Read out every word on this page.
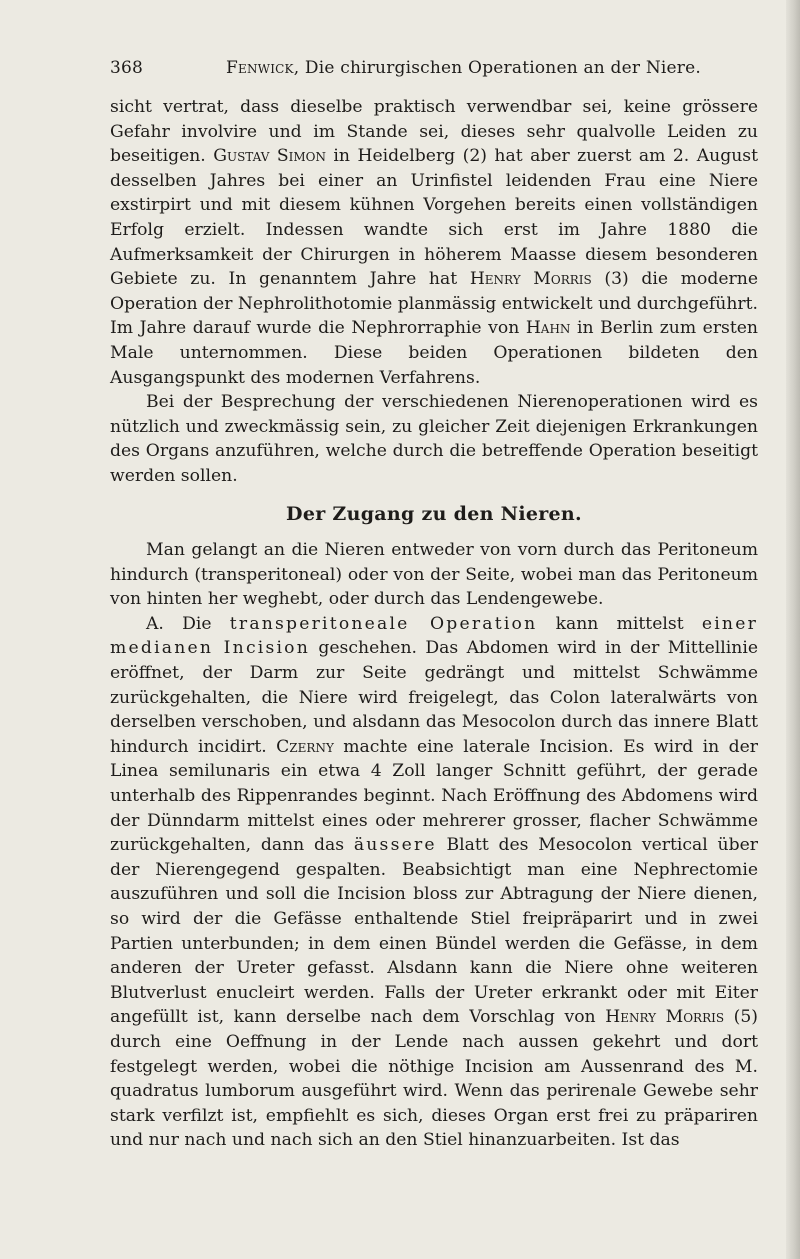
368	Fenwick, Die chirurgischen Operationen an der Niere.

sicht vertrat, dass dieselbe praktisch verwendbar sei, keine grössere Gefahr involvire und im Stande sei, dieses sehr qualvolle Leiden zu beseitigen. Gustav Simon in Heidelberg (2) hat aber zuerst am 2. August desselben Jahres bei einer an Urinfistel leidenden Frau eine Niere exstirpirt und mit diesem kühnen Vorgehen bereits einen vollständigen Erfolg erzielt. Indessen wandte sich erst im Jahre 1880 die Aufmerksamkeit der Chirurgen in höherem Maasse diesem besonderen Gebiete zu. In genanntem Jahre hat Henry Morris (3) die moderne Operation der Nephrolithotomie planmässig entwickelt und durchgeführt. Im Jahre darauf wurde die Nephrorraphie von Hahn in Berlin zum ersten Male unternommen. Diese beiden Operationen bildeten den Ausgangspunkt des modernen Verfahrens.

Bei der Besprechung der verschiedenen Nierenoperationen wird es nützlich und zweckmässig sein, zu gleicher Zeit diejenigen Erkrankungen des Organs anzuführen, welche durch die betreffende Operation beseitigt werden sollen.

Der Zugang zu den Nieren.

Man gelangt an die Nieren entweder von vorn durch das Peritoneum hindurch (transperitoneal) oder von der Seite, wobei man das Peritoneum von hinten her weghebt, oder durch das Lendengewebe.

A. Die transperitoneale Operation kann mittelst einer medianen Incision geschehen. Das Abdomen wird in der Mittellinie eröffnet, der Darm zur Seite gedrängt und mittelst Schwämme zurückgehalten, die Niere wird freigelegt, das Colon lateralwärts von derselben verschoben, und alsdann das Mesocolon durch das innere Blatt hindurch incidirt. Czerny machte eine laterale Incision. Es wird in der Linea semilunaris ein etwa 4 Zoll langer Schnitt geführt, der gerade unterhalb des Rippenrandes beginnt. Nach Eröffnung des Abdomens wird der Dünndarm mittelst eines oder mehrerer grosser, flacher Schwämme zurückgehalten, dann das äussere Blatt des Mesocolon vertical über der Nierengegend gespalten. Beabsichtigt man eine Nephrectomie auszuführen und soll die Incision bloss zur Abtragung der Niere dienen, so wird der die Gefässe enthaltende Stiel freipräparirt und in zwei Partien unterbunden; in dem einen Bündel werden die Gefässe, in dem anderen der Ureter gefasst. Alsdann kann die Niere ohne weiteren Blutverlust enucleirt werden. Falls der Ureter erkrankt oder mit Eiter angefüllt ist, kann derselbe nach dem Vorschlag von Henry Morris (5) durch eine Oeffnung in der Lende nach aussen gekehrt und dort festgelegt werden, wobei die nöthige Incision am Aussenrand des M. quadratus lumborum ausgeführt wird. Wenn das perirenale Gewebe sehr stark verfilzt ist, empfiehlt es sich, dieses Organ erst frei zu präpariren und nur nach und nach sich an den Stiel hinanzuarbeiten. Ist das
